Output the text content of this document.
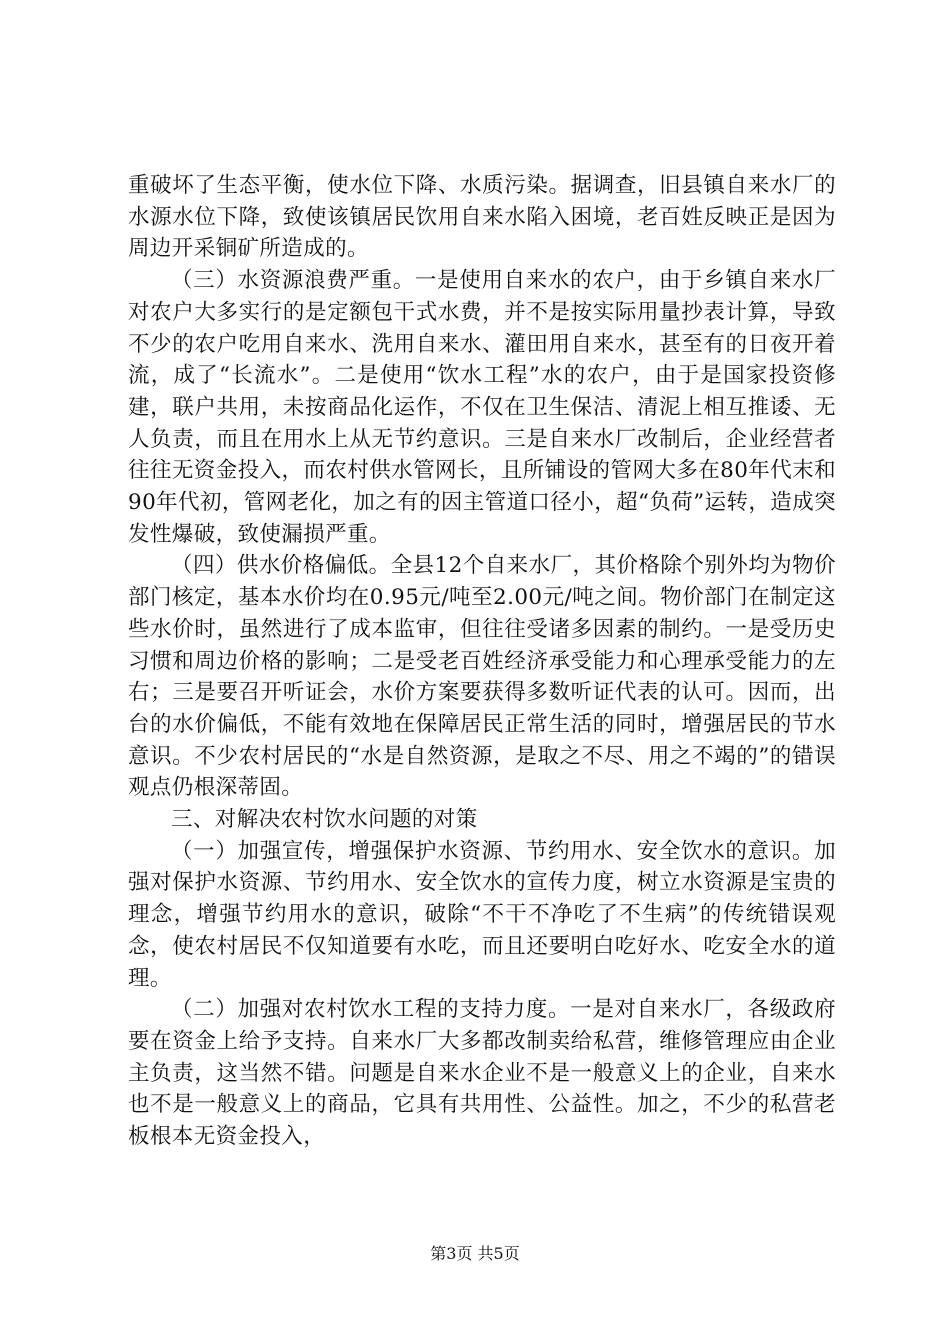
重破坏了生态平衡，使水位下降、水质污染。据调查，旧县镇自来水厂的水源水位下降，致使该镇居民饮用自来水陷入困境，老百姓反映正是因为周边开采铜矿所造成的。

（三）水资源浪费严重。一是使用自来水的农户，由于乡镇自来水厂对农户大多实行的是定额包干式水费，并不是按实际用量抄表计算，导致不少的农户吃用自来水、洗用自来水、灌田用自来水，甚至有的日夜开着流，成了“长流水”。二是使用“饮水工程”水的农户，由于是国家投资修建，联户共用，未按商品化运作，不仅在卫生保洁、清泥上相互推诿、无人负责，而且在用水上从无节约意识。三是自来水厂改制后，企业经营者往往无资金投入，而农村供水管网长，且所铺设的管网大多在80年代末和90年代初，管网老化，加之有的因主管道口径小，超“负荷”运转，造成突发性爆破，致使漏损严重。

（四）供水价格偏低。全县12个自来水厂，其价格除个别外均为物价部门核定，基本水价均在0.95元/吨至2.00元/吨之间。物价部门在制定这些水价时，虽然进行了成本监审，但往往受诸多因素的制约。一是受历史习惯和周边价格的影响；二是受老百姓经济承受能力和心理承受能力的左右；三是要召开听证会，水价方案要获得多数听证代表的认可。因而，出台的水价偏低，不能有效地在保障居民正常生活的同时，增强居民的节水意识。不少农村居民的“水是自然资源，是取之不尽、用之不竭的”的错误观点仍根深蒂固。

三、对解决农村饮水问题的对策

（一）加强宣传，增强保护水资源、节约用水、安全饮水的意识。加强对保护水资源、节约用水、安全饮水的宣传力度，树立水资源是宝贵的理念，增强节约用水的意识，破除“不干不净吃了不生病”的传统错误观念，使农村居民不仅知道要有水吃，而且还要明白吃好水、吃安全水的道理。

（二）加强对农村饮水工程的支持力度。一是对自来水厂，各级政府要在资金上给予支持。自来水厂大多都改制卖给私营，维修管理应由企业主负责，这当然不错。问题是自来水企业不是一般意义上的企业，自来水也不是一般意义上的商品，它具有共用性、公益性。加之，不少的私营老板根本无资金投入，

第3页 共5页
